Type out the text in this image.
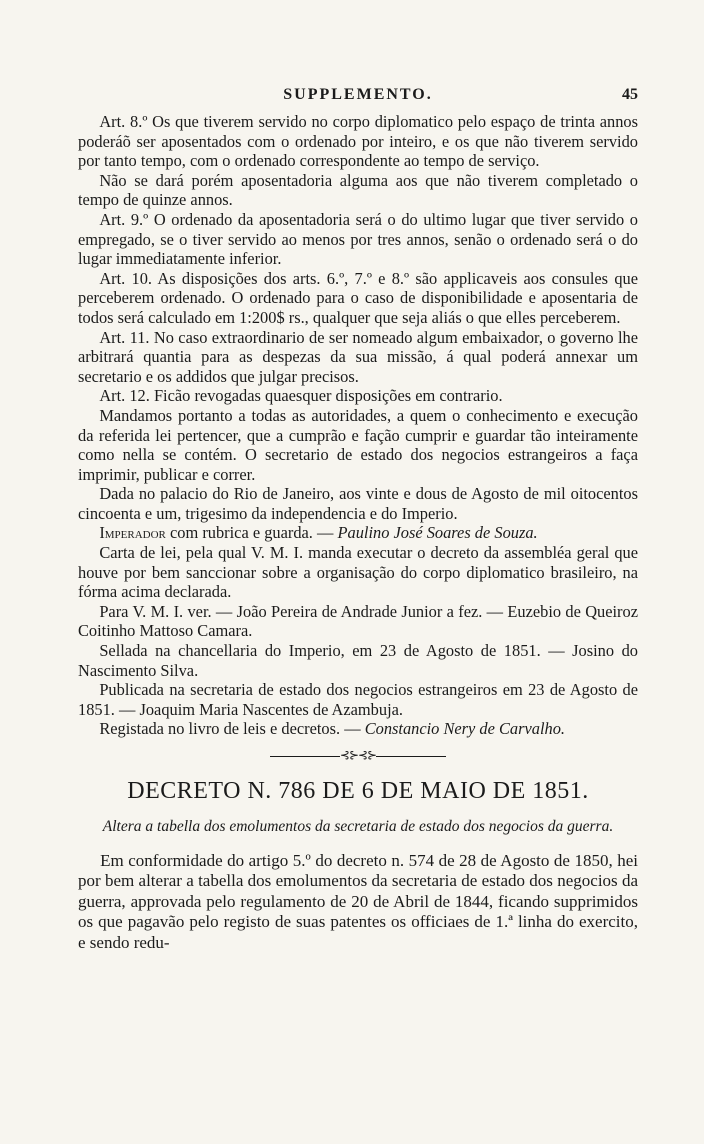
SUPPLEMENTO.	45

Art. 8.º Os que tiverem servido no corpo diplomatico pelo espaço de trinta annos poderáõ ser aposentados com o ordenado por inteiro, e os que não tiverem servido por tanto tempo, com o ordenado correspondente ao tempo de serviço.

Não se dará porém aposentadoria alguma aos que não tiverem completado o tempo de quinze annos.

Art. 9.º O ordenado da aposentadoria será o do ultimo lugar que tiver servido o empregado, se o tiver servido ao menos por tres annos, senão o ordenado será o do lugar immediatamente inferior.

Art. 10. As disposições dos arts. 6.º, 7.º e 8.º são applicaveis aos consules que perceberem ordenado. O ordenado para o caso de disponibilidade e aposentaria de todos será calculado em 1:200$ rs., qualquer que seja aliás o que elles perceberem.

Art. 11. No caso extraordinario de ser nomeado algum embaixador, o governo lhe arbitrará quantia para as despezas da sua missão, á qual poderá annexar um secretario e os addidos que julgar precisos.

Art. 12. Ficão revogadas quaesquer disposições em contrario.

Mandamos portanto a todas as autoridades, a quem o conhecimento e execução da referida lei pertencer, que a cumprão e fação cumprir e guardar tão inteiramente como nella se contém. O secretario de estado dos negocios estrangeiros a faça imprimir, publicar e correr.

Dada no palacio do Rio de Janeiro, aos vinte e dous de Agosto de mil oitocentos cincoenta e um, trigesimo da independencia e do Imperio.

Imperador com rubrica e guarda. — Paulino José Soares de Souza.

Carta de lei, pela qual V. M. I. manda executar o decreto da assembléa geral que houve por bem sanccionar sobre a organisação do corpo diplomatico brasileiro, na fórma acima declarada.

Para V. M. I. ver. — João Pereira de Andrade Junior a fez. — Euzebio de Queiroz Coitinho Mattoso Camara.

Sellada na chancellaria do Imperio, em 23 de Agosto de 1851. — Josino do Nascimento Silva.

Publicada na secretaria de estado dos negocios estrangeiros em 23 de Agosto de 1851. — Joaquim Maria Nascentes de Azambuja.

Registada no livro de leis e decretos. — Constancio Nery de Carvalho.

⊰⊱⊰⊱
DECRETO N. 786 DE 6 DE MAIO DE 1851.
Altera a tabella dos emolumentos da secretaria de estado dos negocios da guerra.

Em conformidade do artigo 5.º do decreto n. 574 de 28 de Agosto de 1850, hei por bem alterar a tabella dos emolumentos da secretaria de estado dos negocios da guerra, approvada pelo regulamento de 20 de Abril de 1844, ficando supprimidos os que pagavão pelo registo de suas patentes os officiaes de 1.ª linha do exercito, e sendo redu-
